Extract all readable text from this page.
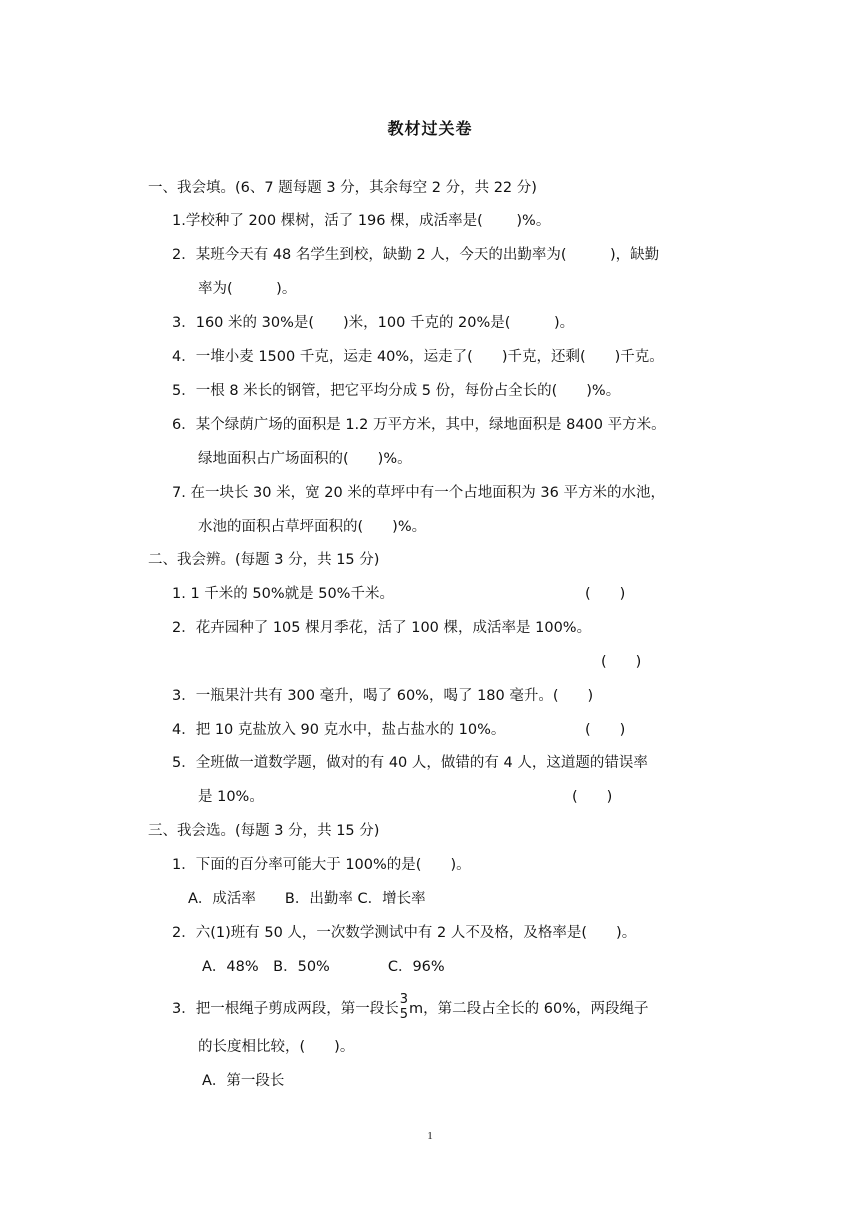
教材过关卷
一、我会填。(6、7 题每题 3 分，其余每空 2 分，共 22 分)
1.学校种了 200 棵树，活了 196 棵，成活率是(　　 )%。
2．某班今天有 48 名学生到校，缺勤 2 人，今天的出勤率为(　　　)，缺勤
率为(　　　)。
3．160 米的 30%是(　　)米，100 千克的 20%是(　　　)。
4．一堆小麦 1500 千克，运走 40%，运走了(　　)千克，还剩(　　)千克。
5．一根 8 米长的钢管，把它平均分成 5 份，每份占全长的(　　)%。
6．某个绿荫广场的面积是 1.2 万平方米，其中，绿地面积是 8400 平方米。
绿地面积占广场面积的(　　)%。
7. 在一块长 30 米，宽 20 米的草坪中有一个占地面积为 36 平方米的水池，
水池的面积占草坪面积的(　　)%。
二、我会辨。(每题 3 分，共 15 分)
1. 1 千米的 50%就是 50%千米。	(　　)
2．花卉园种了 105 棵月季花，活了 100 棵，成活率是 100%。
(　　)
3．一瓶果汁共有 300 毫升，喝了 60%，喝了 180 毫升。(　　)
4．把 10 克盐放入 90 克水中，盐占盐水的 10%。	(　　)
5．全班做一道数学题，做对的有 40 人，做错的有 4 人，这道题的错误率
是 10%。	(　　)
三、我会选。(每题 3 分，共 15 分)
1．下面的百分率可能大于 100%的是(　　)。
A．成活率　　B．出勤率 C．增长率
2．六(1)班有 50 人，一次数学测试中有 2 人不及格，及格率是(　　)。
A．48%　B．50%　　　　C．96%
3．把一根绳子剪成两段，第一段长
3
5 m，第二段占全长的 60%，两段绳子
的长度相比较，(　　)。
A．第一段长
1
